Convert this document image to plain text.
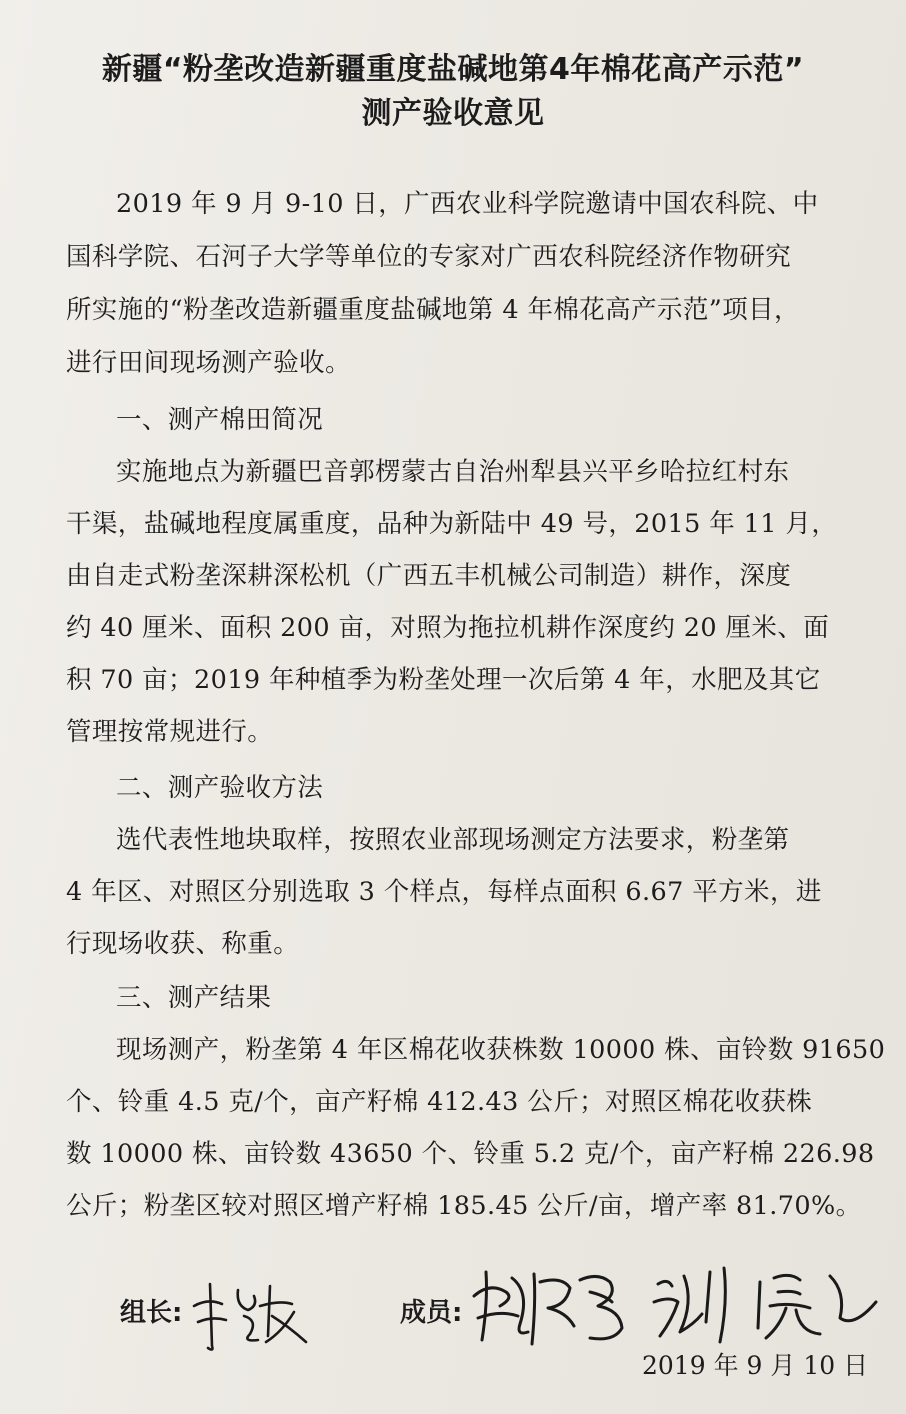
新疆“粉垄改造新疆重度盐碱地第4年棉花高产示范”
测产验收意见
2019 年 9 月 9-10 日，广西农业科学院邀请中国农科院、中
国科学院、石河子大学等单位的专家对广西农科院经济作物研究
所实施的“粉垄改造新疆重度盐碱地第 4 年棉花高产示范”项目，
进行田间现场测产验收。
一、测产棉田简况
实施地点为新疆巴音郭楞蒙古自治州犁县兴平乡哈拉红村东
干渠，盐碱地程度属重度，品种为新陆中 49 号，2015 年 11 月，
由自走式粉垄深耕深松机（广西五丰机械公司制造）耕作，深度
约 40 厘米、面积 200 亩，对照为拖拉机耕作深度约 20 厘米、面
积 70 亩；2019 年种植季为粉垄处理一次后第 4 年，水肥及其它
管理按常规进行。
二、测产验收方法
选代表性地块取样，按照农业部现场测定方法要求，粉垄第
4 年区、对照区分别选取 3 个样点，每样点面积 6.67 平方米，进
行现场收获、称重。
三、测产结果
现场测产，粉垄第 4 年区棉花收获株数 10000 株、亩铃数 91650
个、铃重 4.5 克/个，亩产籽棉 412.43 公斤；对照区棉花收获株
数 10000 株、亩铃数 43650 个、铃重 5.2 克/个，亩产籽棉 226.98
公斤；粉垄区较对照区增产籽棉 185.45 公斤/亩，增产率 81.70%。
组长:	成员:
2019 年 9 月 10 日
